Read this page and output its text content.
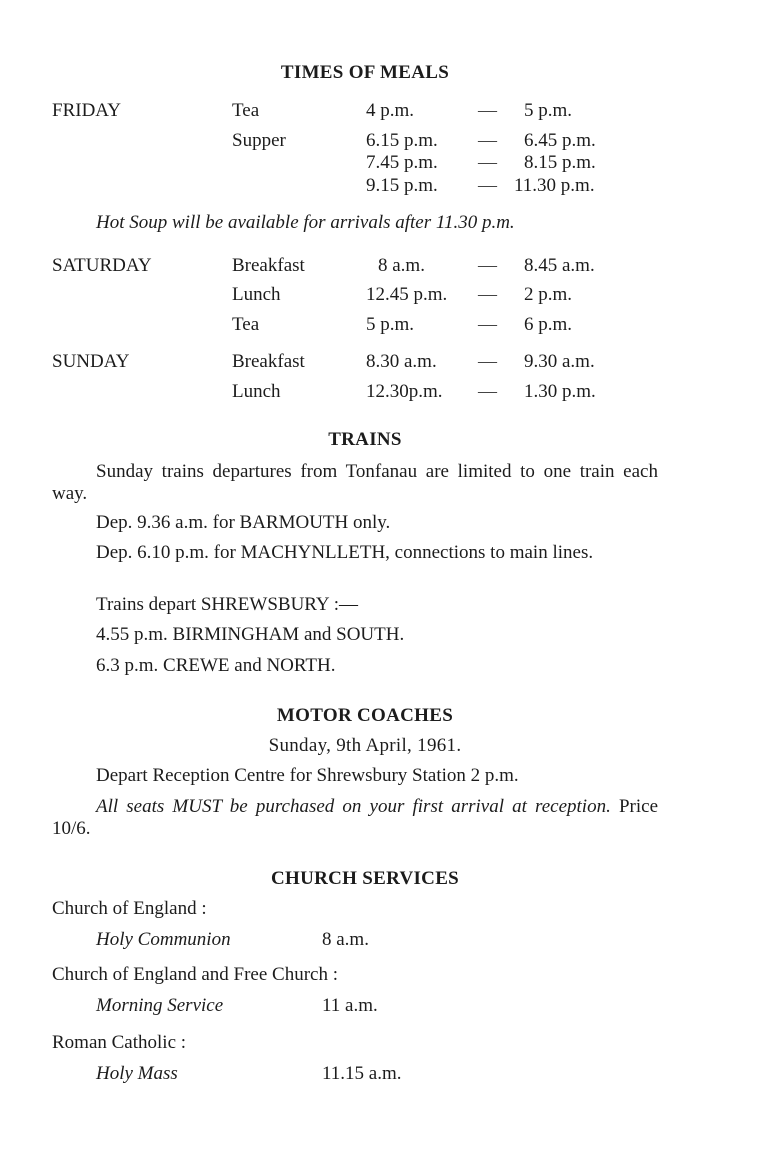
TIMES OF MEALS
FRIDAY	Tea	4 p.m.	— 5 p.m.
Supper	6.15 p.m. — 6.45 p.m.
7.45 p.m. — 8.15 p.m.
9.15 p.m. — 11.30 p.m.
Hot Soup will be available for arrivals after 11.30 p.m.
SATURDAY	Breakfast	8 a.m.	— 8.45 a.m.
Lunch	12.45 p.m. — 2 p.m.
Tea	5 p.m.	— 6 p.m.
SUNDAY	Breakfast	8.30 a.m. — 9.30 a.m.
Lunch	12.30p.m. — 1.30 p.m.
TRAINS
Sunday trains departures from Tonfanau are limited to one train each way.
Dep. 9.36 a.m. for BARMOUTH only.
Dep. 6.10 p.m. for MACHYNLLETH, connections to main lines.
Trains depart SHREWSBURY :—
4.55 p.m. BIRMINGHAM and SOUTH.
6.3 p.m. CREWE and NORTH.
MOTOR COACHES
Sunday, 9th April, 1961.
Depart Reception Centre for Shrewsbury Station 2 p.m.
All seats MUST be purchased on your first arrival at reception. Price 10/6.
CHURCH SERVICES
Church of England :
Holy Communion	8 a.m.
Church of England and Free Church :
Morning Service	11 a.m.
Roman Catholic :
Holy Mass	11.15 a.m.
